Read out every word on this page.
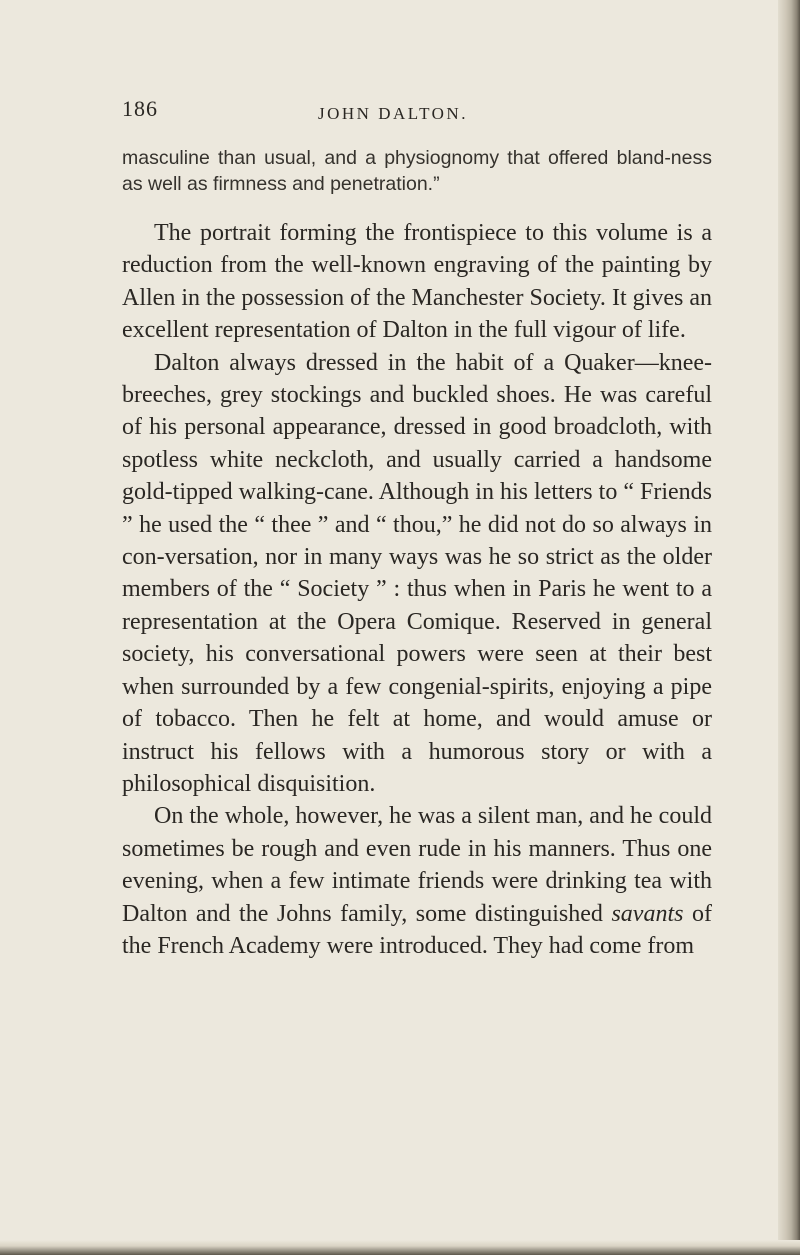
186	JOHN DALTON.

masculine than usual, and a physiognomy that offered bland-ness as well as firmness and penetration.”

The portrait forming the frontispiece to this volume is a reduction from the well-known engraving of the painting by Allen in the possession of the Manchester Society. It gives an excellent representation of Dalton in the full vigour of life.

Dalton always dressed in the habit of a Quaker—knee-breeches, grey stockings and buckled shoes. He was careful of his personal appearance, dressed in good broadcloth, with spotless white neckcloth, and usually carried a handsome gold-tipped walking-cane. Although in his letters to “ Friends ” he used the “ thee ” and “ thou,” he did not do so always in con-versation, nor in many ways was he so strict as the older members of the “ Society ” : thus when in Paris he went to a representation at the Opera Comique. Reserved in general society, his conversational powers were seen at their best when surrounded by a few congenial-spirits, enjoying a pipe of tobacco. Then he felt at home, and would amuse or instruct his fellows with a humorous story or with a philosophical disquisition.

On the whole, however, he was a silent man, and he could sometimes be rough and even rude in his manners. Thus one evening, when a few intimate friends were drinking tea with Dalton and the Johns family, some distinguished savants of the French Academy were introduced. They had come from
